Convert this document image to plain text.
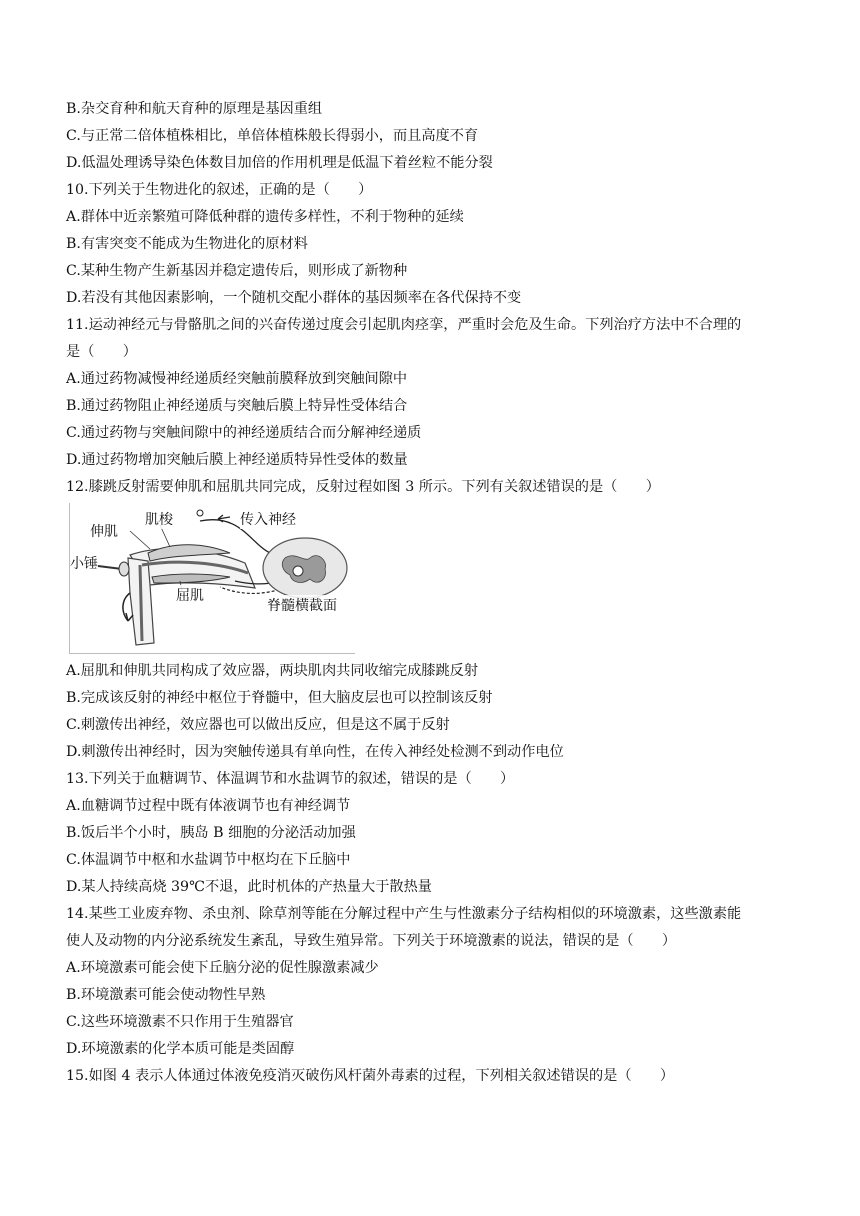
B.杂交育种和航天育种的原理是基因重组
C.与正常二倍体植株相比，单倍体植株般长得弱小，而且高度不育
D.低温处理诱导染色体数目加倍的作用机理是低温下着丝粒不能分裂
10.下列关于生物进化的叙述，正确的是（　　）
A.群体中近亲繁殖可降低种群的遗传多样性，不利于物种的延续
B.有害突变不能成为生物进化的原材料
C.某种生物产生新基因并稳定遗传后，则形成了新物种
D.若没有其他因素影响，一个随机交配小群体的基因频率在各代保持不变
11.运动神经元与骨骼肌之间的兴奋传递过度会引起肌肉痉挛，严重时会危及生命。下列治疗方法中不合理的
是（　　）
A.通过药物减慢神经递质经突触前膜释放到突触间隙中
B.通过药物阻止神经递质与突触后膜上特异性受体结合
C.通过药物与突触间隙中的神经递质结合而分解神经递质
D.通过药物增加突触后膜上神经递质特异性受体的数量
12.膝跳反射需要伸肌和屈肌共同完成，反射过程如图 3 所示。下列有关叙述错误的是（　　）
肌梭	传入神经
伸肌
小锤
屈肌
脊髓横截面
A.屈肌和伸肌共同构成了效应器，两块肌肉共同收缩完成膝跳反射
B.完成该反射的神经中枢位于脊髓中，但大脑皮层也可以控制该反射
C.刺激传出神经，效应器也可以做出反应，但是这不属于反射
D.刺激传出神经时，因为突触传递具有单向性，在传入神经处检测不到动作电位
13.下列关于血糖调节、体温调节和水盐调节的叙述，错误的是（　　）
A.血糖调节过程中既有体液调节也有神经调节
B.饭后半个小时，胰岛 B 细胞的分泌活动加强
C.体温调节中枢和水盐调节中枢均在下丘脑中
D.某人持续高烧 39℃不退，此时机体的产热量大于散热量
14.某些工业废弃物、杀虫剂、除草剂等能在分解过程中产生与性激素分子结构相似的环境激素，这些激素能
使人及动物的内分泌系统发生紊乱，导致生殖异常。下列关于环境激素的说法，错误的是（　　）
A.环境激素可能会使下丘脑分泌的促性腺激素减少
B.环境激素可能会使动物性早熟
C.这些环境激素不只作用于生殖器官
D.环境激素的化学本质可能是类固醇
15.如图 4 表示人体通过体液免疫消灭破伤风杆菌外毒素的过程，下列相关叙述错误的是（　　）
